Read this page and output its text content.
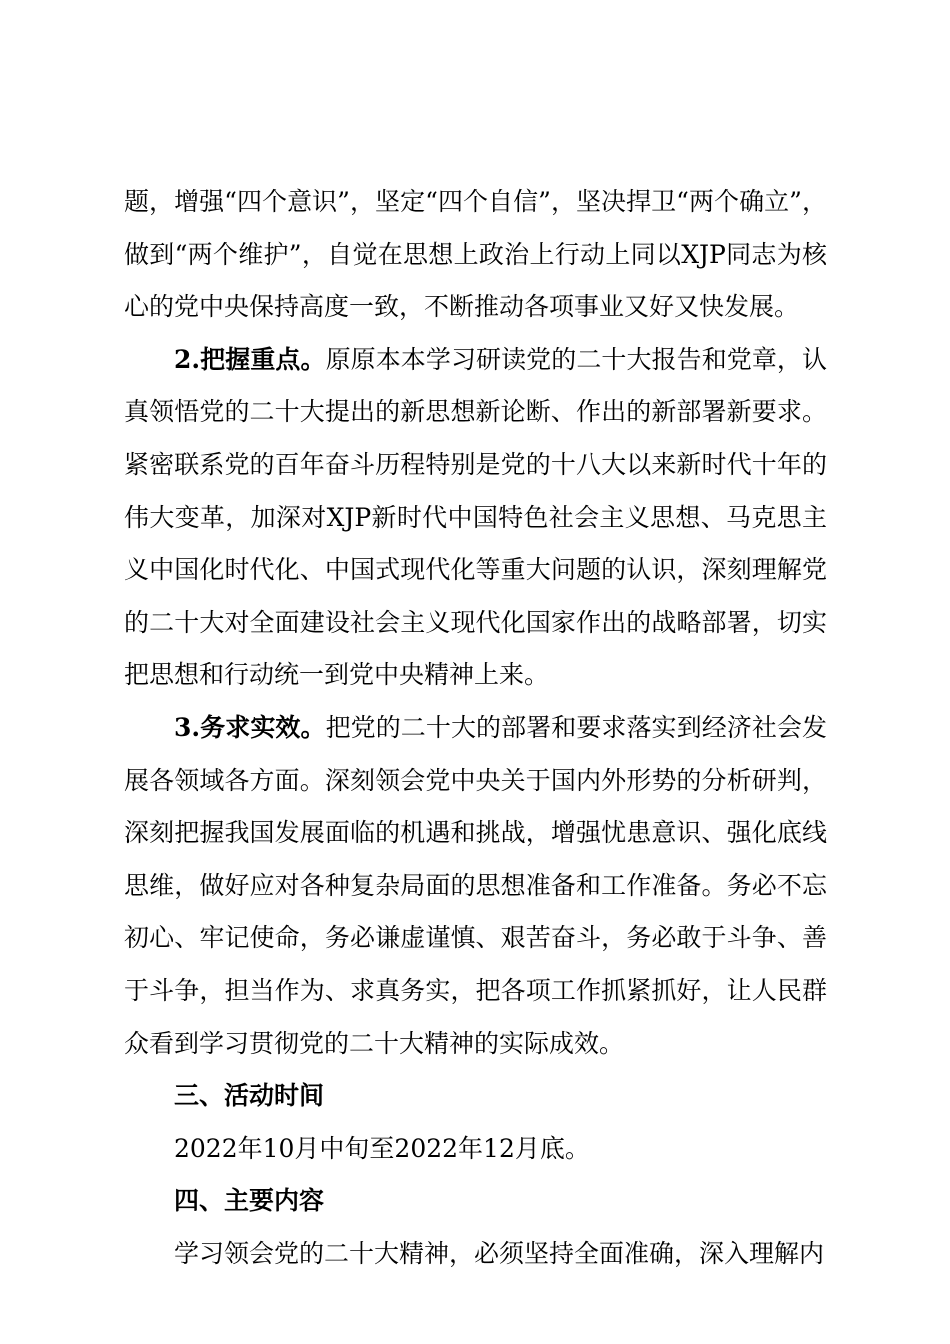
题，增强“四个意识”，坚定“四个自信”，坚决捍卫“两个确立”，做到“两个维护”，自觉在思想上政治上行动上同以XJP同志为核心的党中央保持高度一致，不断推动各项事业又好又快发展。

2.把握重点。原原本本学习研读党的二十大报告和党章，认真领悟党的二十大提出的新思想新论断、作出的新部署新要求。紧密联系党的百年奋斗历程特别是党的十八大以来新时代十年的伟大变革，加深对XJP新时代中国特色社会主义思想、马克思主义中国化时代化、中国式现代化等重大问题的认识，深刻理解党的二十大对全面建设社会主义现代化国家作出的战略部署，切实把思想和行动统一到党中央精神上来。

3.务求实效。把党的二十大的部署和要求落实到经济社会发展各领域各方面。深刻领会党中央关于国内外形势的分析研判，深刻把握我国发展面临的机遇和挑战，增强忧患意识、强化底线思维，做好应对各种复杂局面的思想准备和工作准备。务必不忘初心、牢记使命，务必谦虚谨慎、艰苦奋斗，务必敢于斗争、善于斗争，担当作为、求真务实，把各项工作抓紧抓好，让人民群众看到学习贯彻党的二十大精神的实际成效。

三、活动时间

2022年10月中旬至2022年12月底。

四、主要内容

学习领会党的二十大精神，必须坚持全面准确，深入理解内
